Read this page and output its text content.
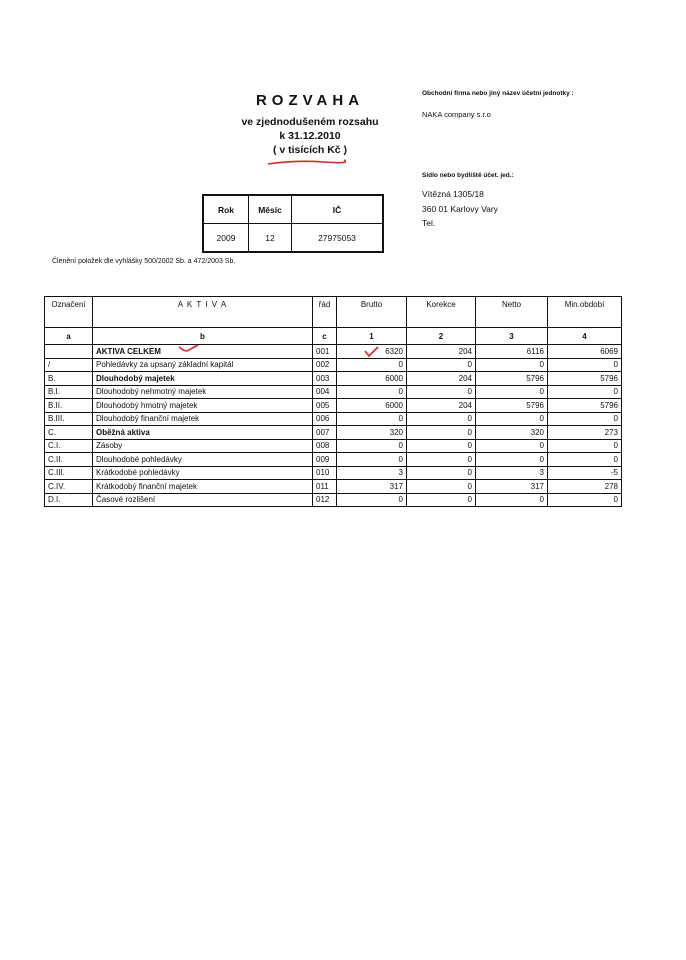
ROZVAHA
ve zjednodušeném rozsahu
k 31.12.2010
( v tisících Kč )
Obchodní firma nebo jiný název účetní jednotky :
NAKA company s.r.o
Sídlo nebo bydliště účet. jed.:
Vítězná 1305/18
360 01 Karlovy Vary
Tel.
Rok	Měsíc	IČ
2009	12	27975053
Členění položek dle vyhlášky 500/2002 Sb. a 472/2003 Sb.
Označení	A K T I V A	řád	Brutto	Korekce	Netto	Min.období
a	b	c	1	2	3	4
	AKTIVA CELKEM	001	6320	204	6116	6069
/	Pohledávky za upsaný základní kapitál	002	0	0	0	0
B.	Dlouhodobý majetek	003	6000	204	5796	5796
B.I.	Dlouhodobý nehmotný majetek	004	0	0	0	0
B.II.	Dlouhodobý hmotný majetek	005	6000	204	5796	5796
B.III.	Dlouhodobý finanční majetek	006	0	0	0	0
C.	Oběžná aktiva	007	320	0	320	273
C.I.	Zásoby	008	0	0	0	0
C.II.	Dlouhodobé pohledávky	009	0	0	0	0
C.III.	Krátkodobé pohledávky	010	3	0	3	-5
C.IV.	Krátkodobý finanční majetek	011	317	0	317	278
D.I.	Časové rozlišení	012	0	0	0	0
